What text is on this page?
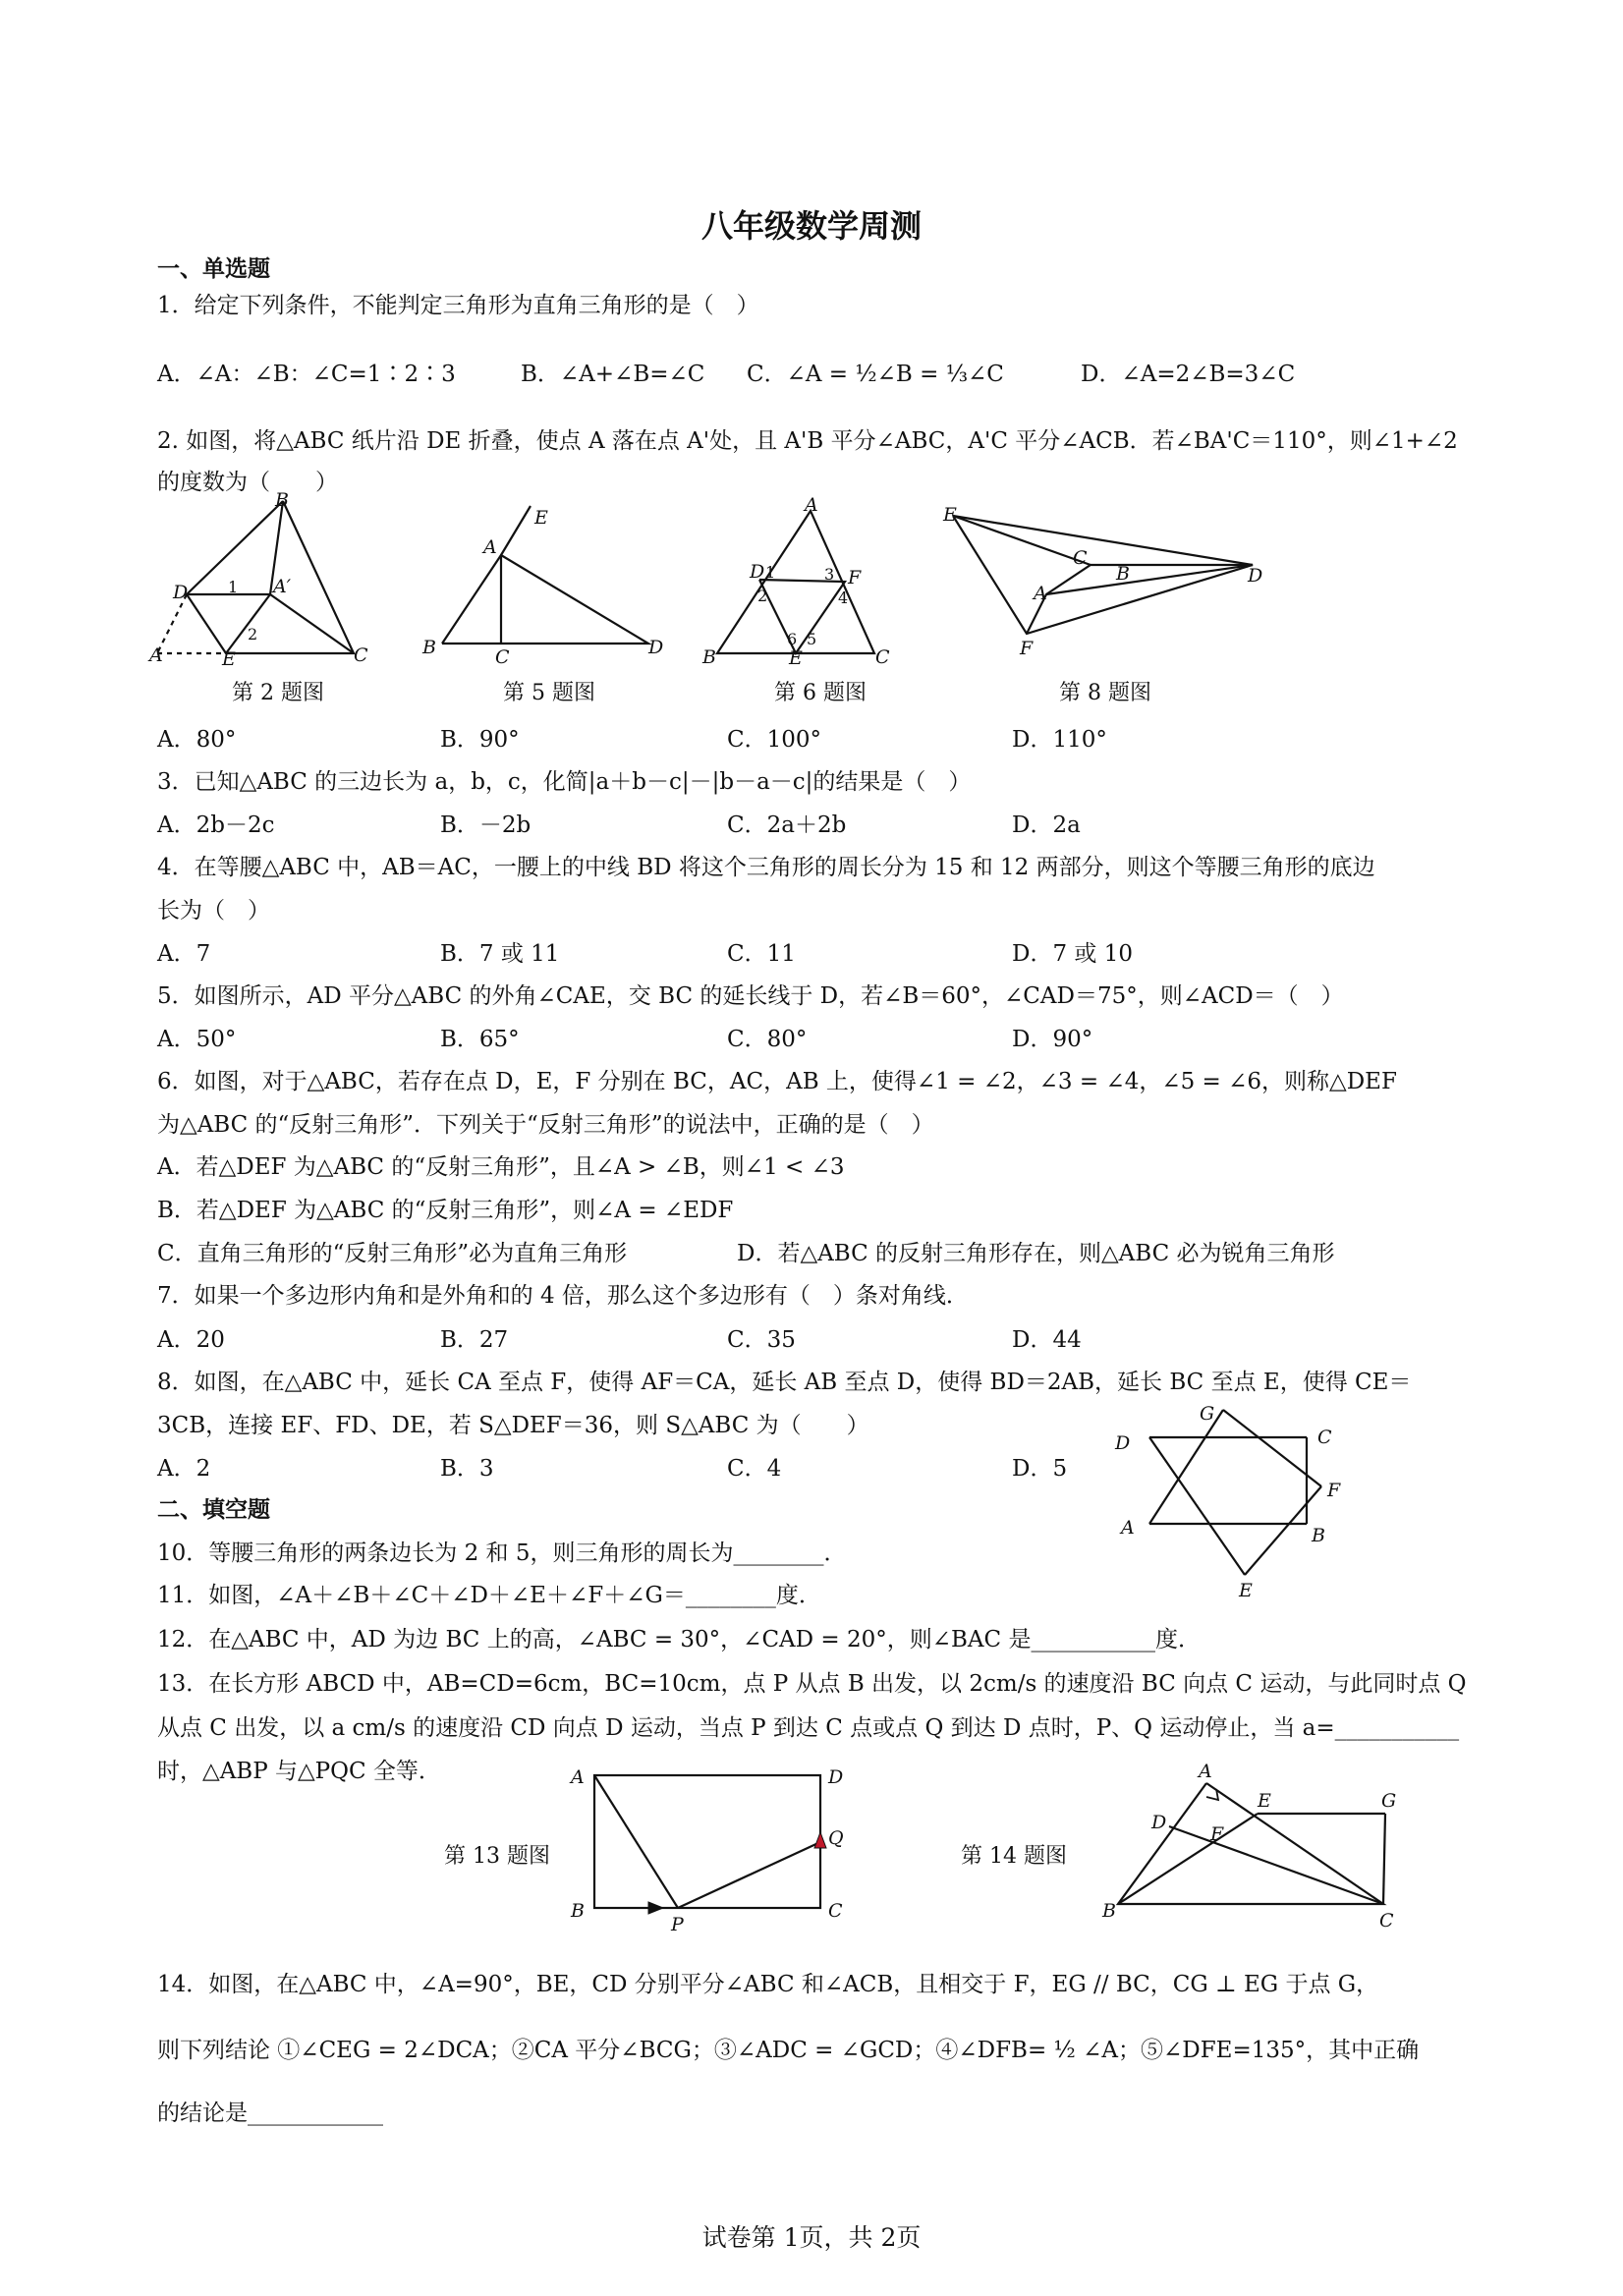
八年级数学周测
一、单选题
1．给定下列条件，不能判定三角形为直角三角形的是（　）
A．∠A：∠B：∠C=1∶2∶3	B．∠A+∠B=∠C C．∠A = ½∠B = ⅓∠C	D．∠A=2∠B=3∠C
2. 如图，将△ABC 纸片沿 DE 折叠，使点 A 落在点 A'处，且 A'B 平分∠ABC，A'C 平分∠ACB．若∠BA'C＝110°，则∠1+∠2
的度数为（　　）
B
D	A′
A	E	C
1
2
第 2 题图
E
A
B	C	D
第 5 题图
A
B	C
D	F
E
1	3
2	4
6 5
第 6 题图
E
D
C
B
A
F
第 8 题图
A．80°	B．90°	C．100°	D．110°
3．已知△ABC 的三边长为 a，b，c，化简|a＋b－c|－|b－a－c|的结果是（　）
A．2b－2c	B．－2b	C．2a＋2b	D．2a
4．在等腰△ABC 中，AB＝AC，一腰上的中线 BD 将这个三角形的周长分为 15 和 12 两部分，则这个等腰三角形的底边
长为（　）
A．7	B．7 或 11	C．11	D．7 或 10
5．如图所示，AD 平分△ABC 的外角∠CAE，交 BC 的延长线于 D，若∠B＝60°，∠CAD＝75°，则∠ACD＝（　）
A．50°	B．65°	C．80°	D．90°
6．如图，对于△ABC，若存在点 D，E，F 分别在 BC，AC，AB 上，使得∠1 = ∠2，∠3 = ∠4，∠5 = ∠6，则称△DEF
为△ABC 的“反射三角形”．下列关于“反射三角形”的说法中，正确的是（　）
A．若△DEF 为△ABC 的“反射三角形”，且∠A > ∠B，则∠1 < ∠3
B．若△DEF 为△ABC 的“反射三角形”，则∠A = ∠EDF
C．直角三角形的“反射三角形”必为直角三角形	D．若△ABC 的反射三角形存在，则△ABC 必为锐角三角形
7．如果一个多边形内角和是外角和的 4 倍，那么这个多边形有（　）条对角线．
A．20	B．27	C．35	D．44
8．如图，在△ABC 中，延长 CA 至点 F，使得 AF＝CA，延长 AB 至点 D，使得 BD＝2AB，延长 BC 至点 E，使得 CE＝
3CB，连接 EF、FD、DE，若 S△DEF＝36，则 S△ABC 为（　　）
A．2	B．3	C．4	D．5
G
C
D
F
A	B
E
二、填空题
10．等腰三角形的两条边长为 2 和 5，则三角形的周长为________．
11．如图，∠A＋∠B＋∠C＋∠D＋∠E＋∠F＋∠G＝________度．
12．在△ABC 中，AD 为边 BC 上的高，∠ABC = 30°，∠CAD = 20°，则∠BAC 是___________度．
13．在长方形 ABCD 中，AB=CD=6cm，BC=10cm，点 P 从点 B 出发，以 2cm/s 的速度沿 BC 向点 C 运动，与此同时点 Q
从点 C 出发，以 a cm/s 的速度沿 CD 向点 D 运动，当点 P 到达 C 点或点 Q 到达 D 点时，P、Q 运动停止，当 a=___________
时，△ABP 与△PQC 全等．	A	D
Q
B	C
P
第 13 题图
A
D
F
E	G
B	C
第 14 题图
14．如图，在△ABC 中，∠A=90°，BE，CD 分别平分∠ABC 和∠ACB，且相交于 F，EG // BC，CG ⊥ EG 于点 G，
则下列结论 ①∠CEG = 2∠DCA；②CA 平分∠BCG；③∠ADC = ∠GCD；④∠DFB= ½ ∠A；⑤∠DFE=135°，其中正确
的结论是____________
试卷第 1页，共 2页
